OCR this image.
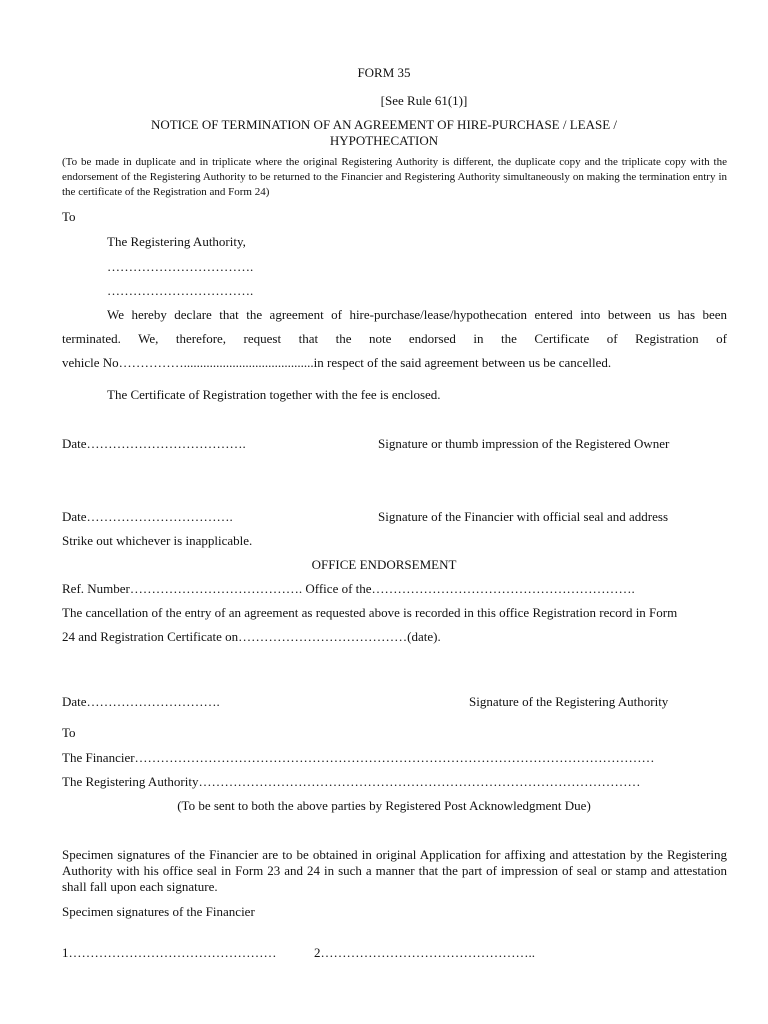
FORM 35
[See Rule 61(1)]
NOTICE OF TERMINATION OF AN AGREEMENT OF HIRE-PURCHASE / LEASE /
HYPOTHECATION
(To be made in duplicate and in triplicate where the original Registering Authority is different, the duplicate copy and the triplicate copy with the endorsement of the Registering Authority to be returned to the Financier and Registering Authority simultaneously on making the termination entry in the certificate of the Registration and Form 24)
To
The Registering Authority,
…………………………….
…………………………….
We hereby declare that the agreement of hire-purchase/lease/hypothecation entered into between us has been
terminated. We, therefore, request that the note endorsed in the Certificate of Registration of
vehicle No……………........................................in respect of the said agreement between us be cancelled.
The Certificate of Registration together with the fee is enclosed.
Date……………………………….	Signature or thumb impression of the Registered Owner
Date…………………………….	Signature of the Financier with official seal and address
Strike out whichever is inapplicable.
OFFICE ENDORSEMENT
Ref. Number…………………………………. Office of the…………………………………………………….
The cancellation of the entry of an agreement as requested above is recorded in this office Registration record in Form
24 and Registration Certificate on…………………………………(date).
Date………………………….	Signature of the Registering Authority
To
The Financier…………………………………………………………………………………………………………
The Registering Authority…………………………………………………………………………………………
(To be sent to both the above parties by Registered Post Acknowledgment Due)
Specimen signatures of the Financier are to be obtained in original Application for affixing and attestation by the Registering Authority with his office seal in Form 23 and 24 in such a manner that the part of impression of seal or stamp and attestation shall fall upon each signature.
Specimen signatures of the Financier
1…………………………………………	2…………………………………………..
